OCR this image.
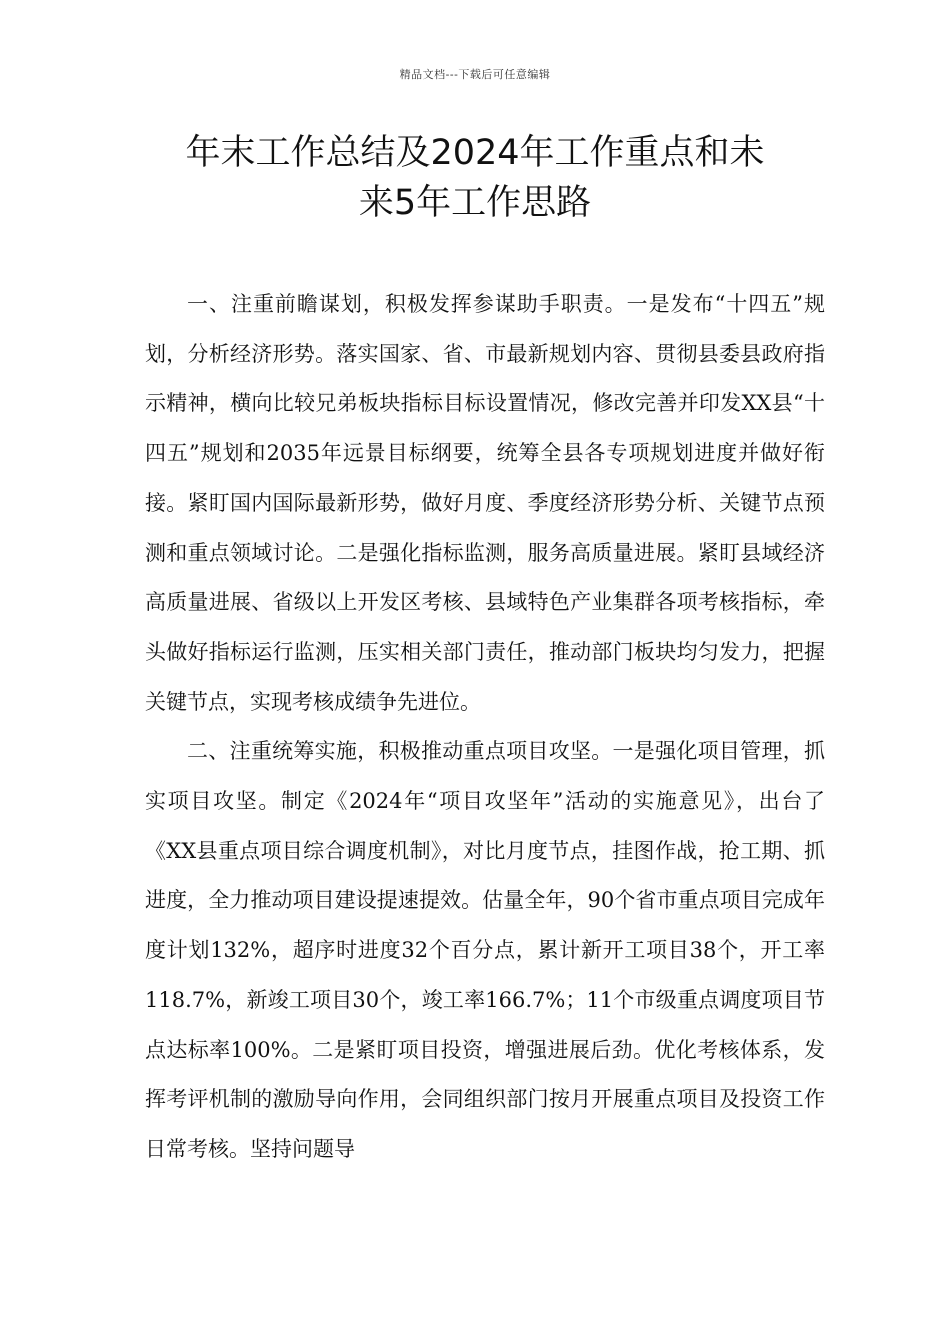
精品文档---下载后可任意编辑
年末工作总结及2024年工作重点和未
来5年工作思路

一、注重前瞻谋划，积极发挥参谋助手职责。一是发布“十四五”规划，分析经济形势。落实国家、省、市最新规划内容、贯彻县委县政府指示精神，横向比较兄弟板块指标目标设置情况，修改完善并印发XX县“十四五”规划和2035年远景目标纲要，统筹全县各专项规划进度并做好衔接。紧盯国内国际最新形势，做好月度、季度经济形势分析、关键节点预测和重点领域讨论。二是强化指标监测，服务高质量进展。紧盯县域经济高质量进展、省级以上开发区考核、县域特色产业集群各项考核指标，牵头做好指标运行监测，压实相关部门责任，推动部门板块均匀发力，把握关键节点，实现考核成绩争先进位。

二、注重统筹实施，积极推动重点项目攻坚。一是强化项目管理，抓实项目攻坚。制定《2024年“项目攻坚年”活动的实施意见》，出台了《XX县重点项目综合调度机制》，对比月度节点，挂图作战，抢工期、抓进度，全力推动项目建设提速提效。估量全年，90个省市重点项目完成年度计划132%，超序时进度32个百分点，累计新开工项目38个，开工率118.7%，新竣工项目30个，竣工率166.7%；11个市级重点调度项目节点达标率100%。二是紧盯项目投资，增强进展后劲。优化考核体系，发挥考评机制的激励导向作用，会同组织部门按月开展重点项目及投资工作日常考核。坚持问题导
